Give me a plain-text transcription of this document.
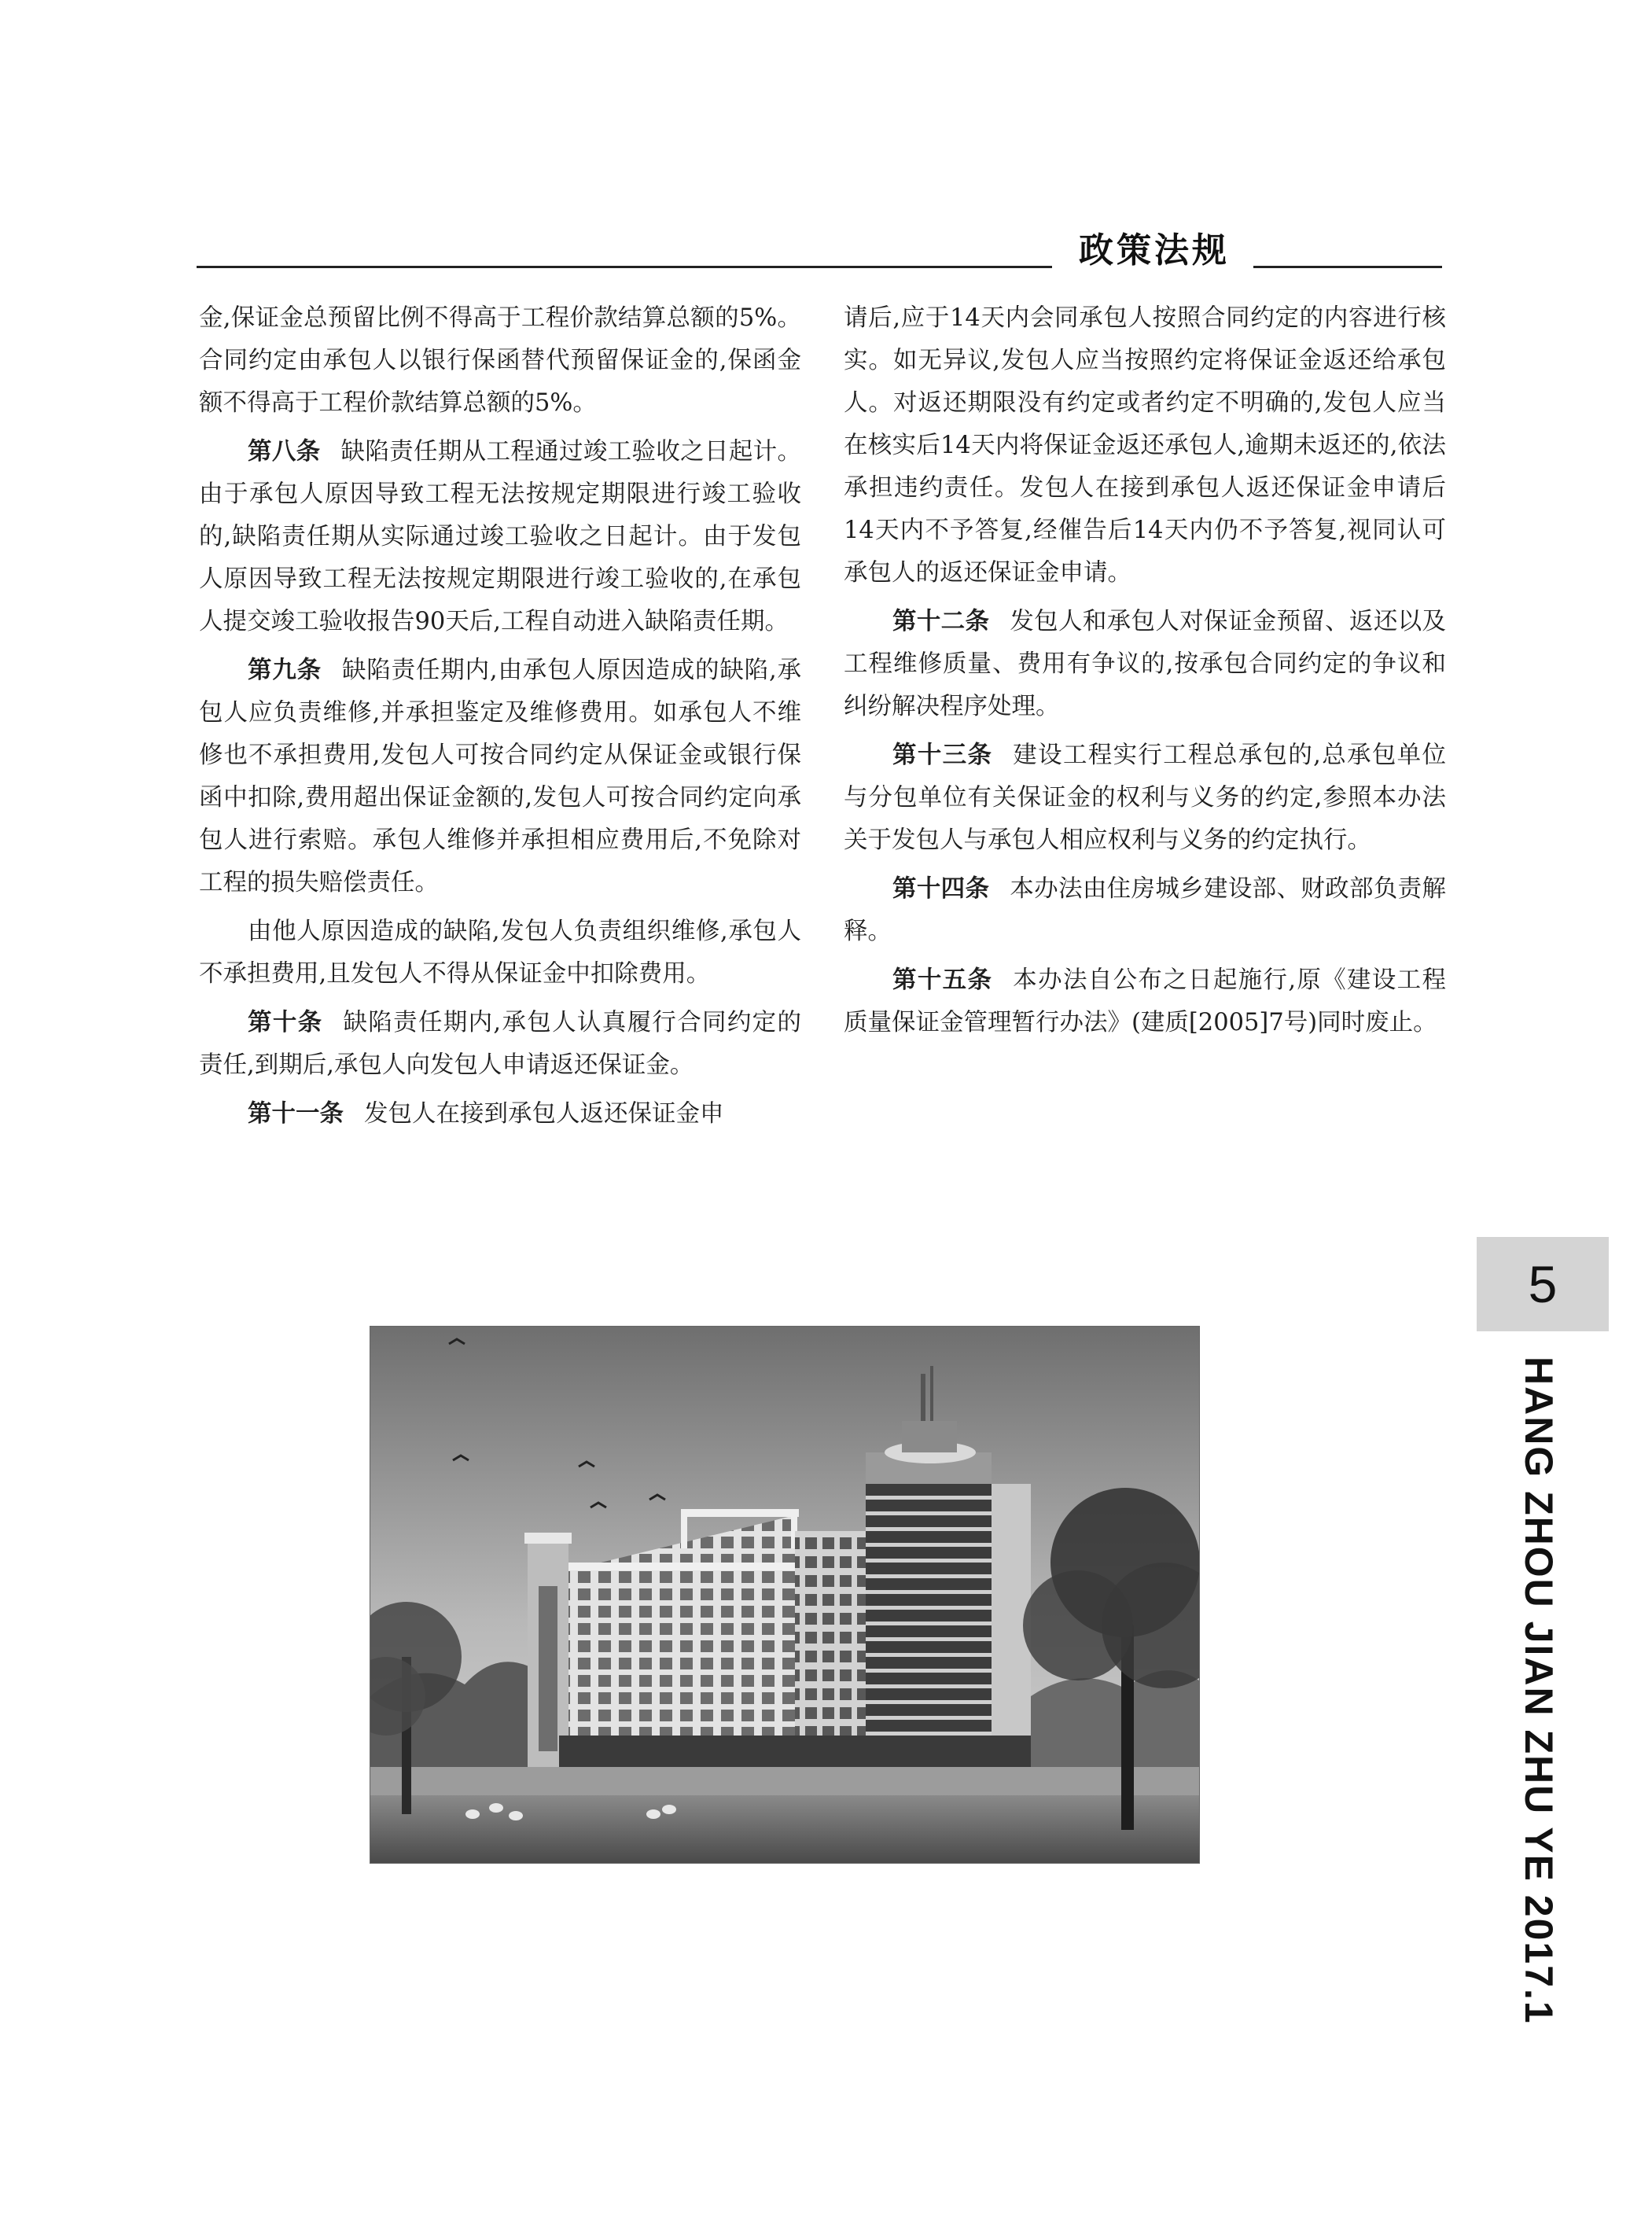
政策法规

金,保证金总预留比例不得高于工程价款结算总额的5%。合同约定由承包人以银行保函替代预留保证金的,保函金额不得高于工程价款结算总额的5%。

第八条 缺陷责任期从工程通过竣工验收之日起计。由于承包人原因导致工程无法按规定期限进行竣工验收的,缺陷责任期从实际通过竣工验收之日起计。由于发包人原因导致工程无法按规定期限进行竣工验收的,在承包人提交竣工验收报告90天后,工程自动进入缺陷责任期。

第九条 缺陷责任期内,由承包人原因造成的缺陷,承包人应负责维修,并承担鉴定及维修费用。如承包人不维修也不承担费用,发包人可按合同约定从保证金或银行保函中扣除,费用超出保证金额的,发包人可按合同约定向承包人进行索赔。承包人维修并承担相应费用后,不免除对工程的损失赔偿责任。

由他人原因造成的缺陷,发包人负责组织维修,承包人不承担费用,且发包人不得从保证金中扣除费用。

第十条 缺陷责任期内,承包人认真履行合同约定的责任,到期后,承包人向发包人申请返还保证金。

第十一条 发包人在接到承包人返还保证金申

请后,应于14天内会同承包人按照合同约定的内容进行核实。如无异议,发包人应当按照约定将保证金返还给承包人。对返还期限没有约定或者约定不明确的,发包人应当在核实后14天内将保证金返还承包人,逾期未返还的,依法承担违约责任。发包人在接到承包人返还保证金申请后14天内不予答复,经催告后14天内仍不予答复,视同认可承包人的返还保证金申请。

第十二条 发包人和承包人对保证金预留、返还以及工程维修质量、费用有争议的,按承包合同约定的争议和纠纷解决程序处理。

第十三条 建设工程实行工程总承包的,总承包单位与分包单位有关保证金的权利与义务的约定,参照本办法关于发包人与承包人相应权利与义务的约定执行。

第十四条 本办法由住房城乡建设部、财政部负责解释。

第十五条 本办法自公布之日起施行,原《建设工程质量保证金管理暂行办法》(建质[2005]7号)同时废止。

5
HANG ZHOU JIAN ZHU YE 2017.1
